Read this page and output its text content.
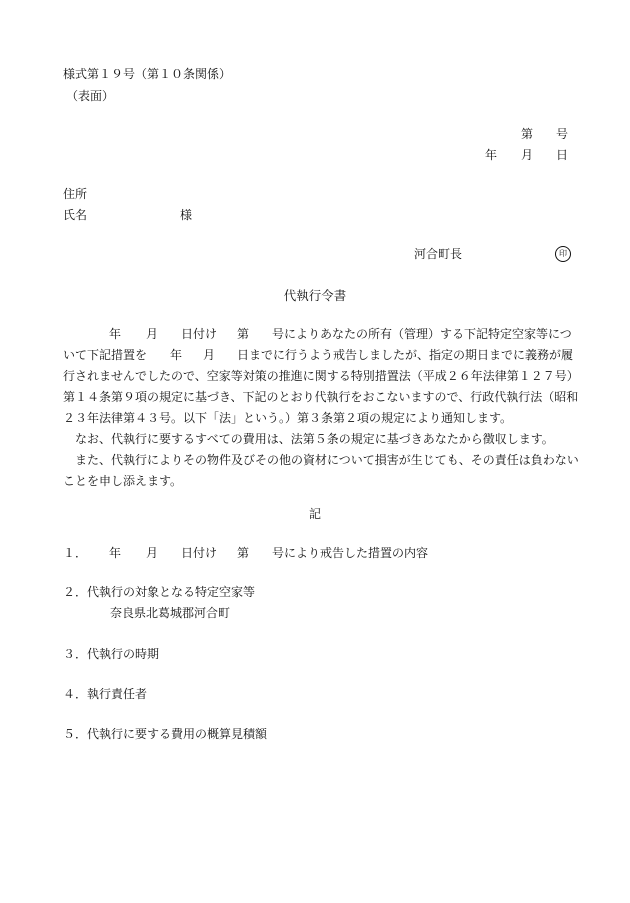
様式第１９号（第１０条関係）
（表面）
第 号
年 月 日
住所
氏名	様
河合町長	印
代執行令書
年 月 日付け 第 号によりあなたの所有（管理）する下記特定空家等につ
いて下記措置を 年 月 日までに行うよう戒告しましたが、指定の期日までに義務が履
行されませんでしたので、空家等対策の推進に関する特別措置法（平成２６年法律第１２７号）
第１４条第９項の規定に基づき、下記のとおり代執行をおこないますので、行政代執行法（昭和
２３年法律第４３号。以下「法」という。）第３条第２項の規定により通知します。
　なお、代執行に要するすべての費用は、法第５条の規定に基づきあなたから徴収します。
　また、代執行によりその物件及びその他の資材について損害が生じても、その責任は負わない
ことを申し添えます。
記
１． 年 月 日付け 第 号により戒告した措置の内容
２．代執行の対象となる特定空家等
奈良県北葛城郡河合町
３．代執行の時期
４．執行責任者
５．代執行に要する費用の概算見積額
